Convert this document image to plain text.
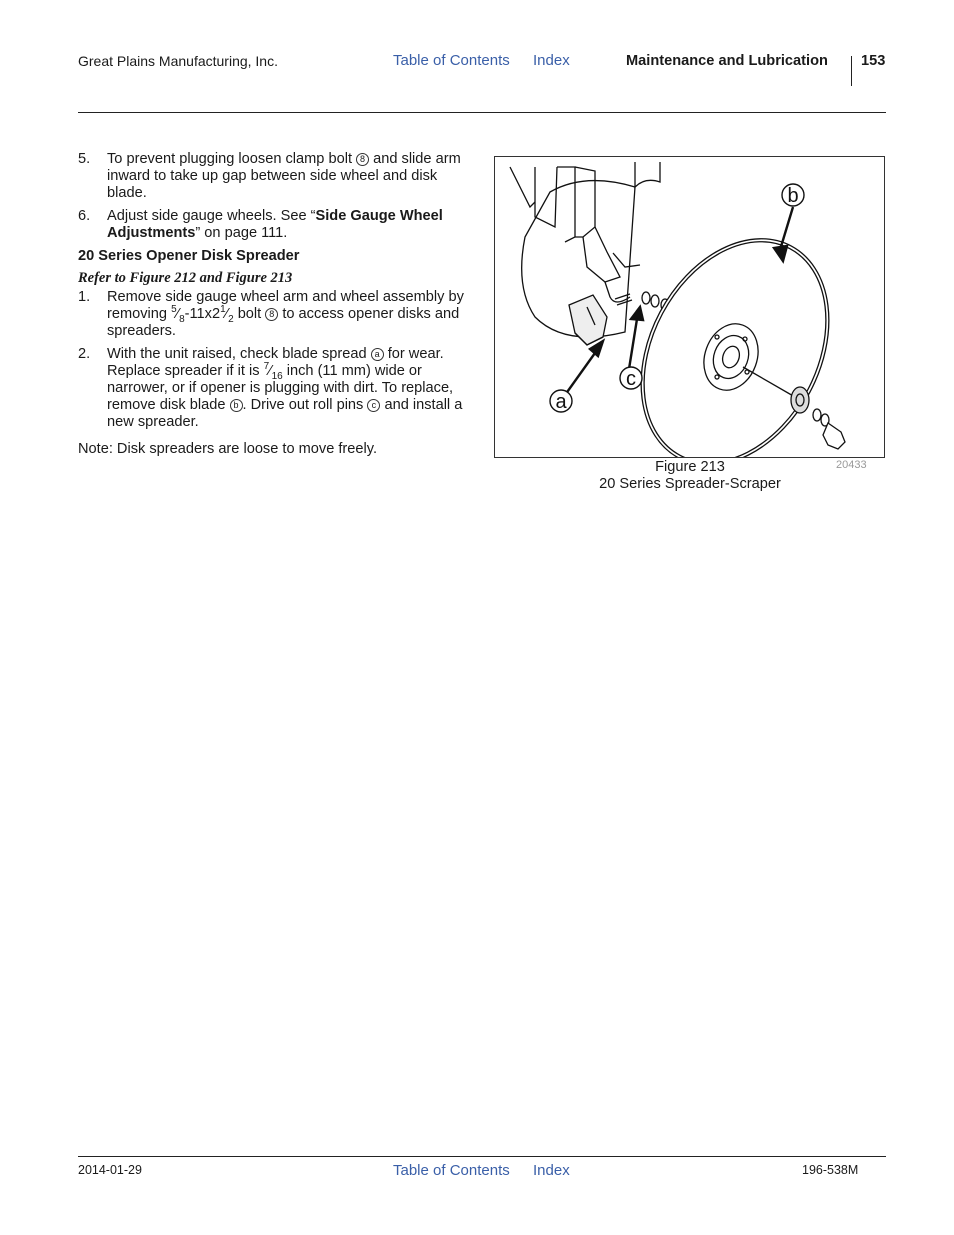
Great Plains Manufacturing, Inc.	Table of Contents Index	Maintenance and Lubrication 153
5. To prevent plugging loosen clamp bolt 8 and slide arm inward to take up gap between side wheel and disk blade.
6. Adjust side gauge wheels. See “Side Gauge Wheel Adjustments” on page 111.
20 Series Opener Disk Spreader
Refer to Figure 212 and Figure 213
1. Remove side gauge wheel arm and wheel assembly by removing $^5⁄_8-11x2^1⁄_2$ bolt 8 to access opener disks and spreaders.
2. With the unit raised, check blade spread a for wear. Replace spreader if it is $^7⁄_{16}$ inch (11 mm) wide or narrower, or if opener is plugging with dirt. To replace, remove disk blade b . Drive out roll pins c and install a new spreader.
Note: Disk spreaders are loose to move freely.
b
a
c
Figure 213
20 Series Spreader-Scraper
20433
2014-01-29	Table of Contents Index	196-538M
